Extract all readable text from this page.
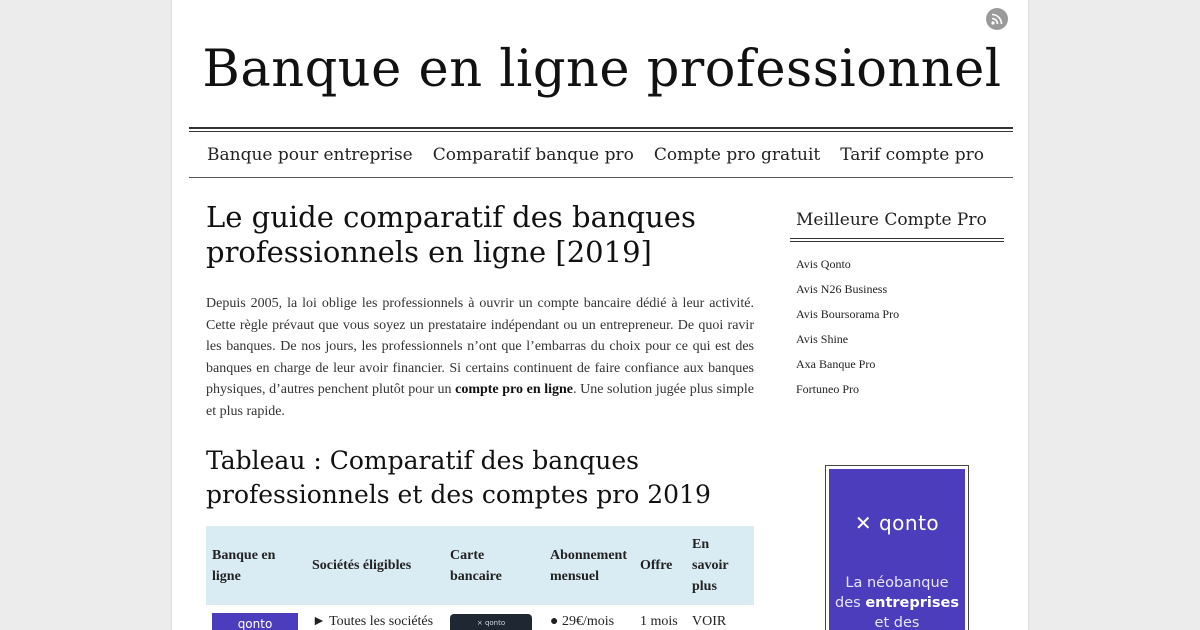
Banque en ligne professionnel
Banque pour entreprise Comparatif banque pro Compte pro gratuit Tarif compte pro
Le guide comparatif des banques professionnels en ligne [2019]

Depuis 2005, la loi oblige les professionnels à ouvrir un compte bancaire dédié à leur activité. Cette règle prévaut que vous soyez un prestataire indépendant ou un entrepreneur. De quoi ravir les banques. De nos jours, les professionnels n’ont que l’embarras du choix pour ce qui est des banques en charge de leur avoir financier. Si certains continuent de faire confiance aux banques physiques, d’autres penchent plutôt pour un compte pro en ligne. Une solution jugée plus simple et plus rapide.

Tableau : Comparatif des banques professionnels et des comptes pro 2019
Banque en ligne	Sociétés éligibles	Carte bancaire	Abonnement mensuel	Offre	En savoir plus
qonto	► Toutes les sociétés	× qonto	● 29€/mois	1 mois	VOIR
Meilleure Compte Pro
Avis Qonto
Avis N26 Business
Avis Boursorama Pro
Avis Shine
Axa Banque Pro
Fortuneo Pro
✕ qonto
La néobanque
des entreprises
et des
